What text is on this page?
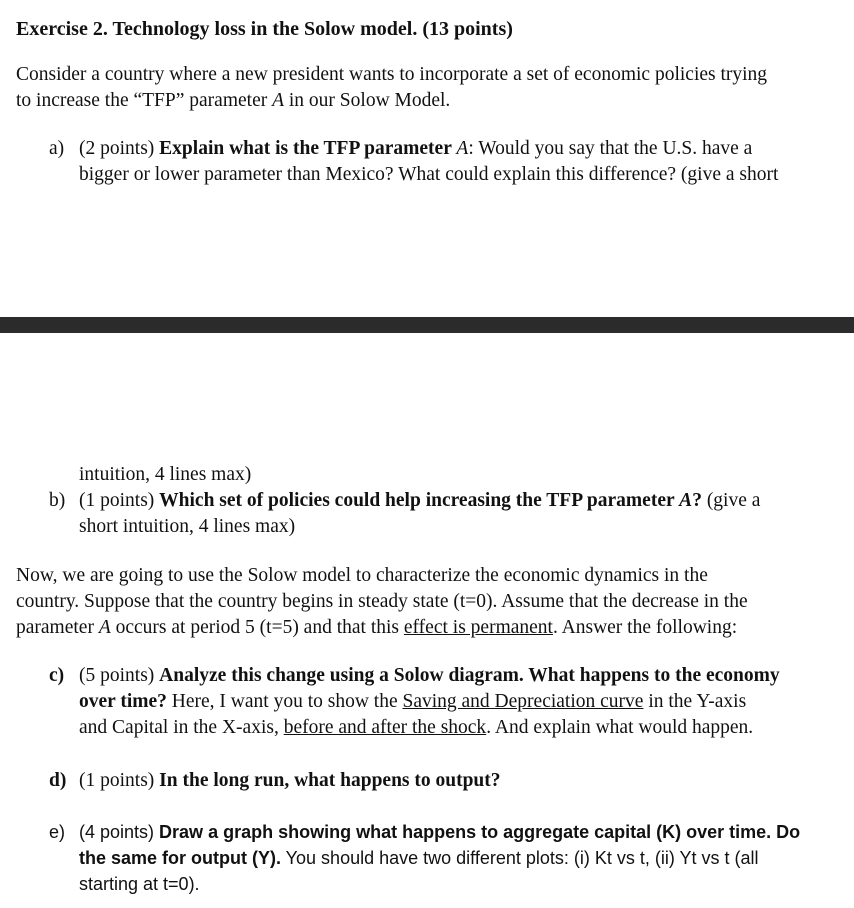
Exercise 2. Technology loss in the Solow model. (13 points)
Consider a country where a new president wants to incorporate a set of economic policies trying
to increase the “TFP” parameter A in our Solow Model.
a) (2 points) Explain what is the TFP parameter A: Would you say that the U.S. have a
bigger or lower parameter than Mexico? What could explain this difference? (give a short
intuition, 4 lines max)
b) (1 points) Which set of policies could help increasing the TFP parameter A? (give a
short intuition, 4 lines max)
Now, we are going to use the Solow model to characterize the economic dynamics in the
country. Suppose that the country begins in steady state (t=0). Assume that the decrease in the
parameter A occurs at period 5 (t=5) and that this effect is permanent. Answer the following:
c) (5 points) Analyze this change using a Solow diagram. What happens to the economy
over time? Here, I want you to show the Saving and Depreciation curve in the Y-axis
and Capital in the X-axis, before and after the shock. And explain what would happen.
d) (1 points) In the long run, what happens to output?
e) (4 points) Draw a graph showing what happens to aggregate capital (K) over time. Do
the same for output (Y). You should have two different plots: (i) Kt vs t, (ii) Yt vs t (all
starting at t=0).
